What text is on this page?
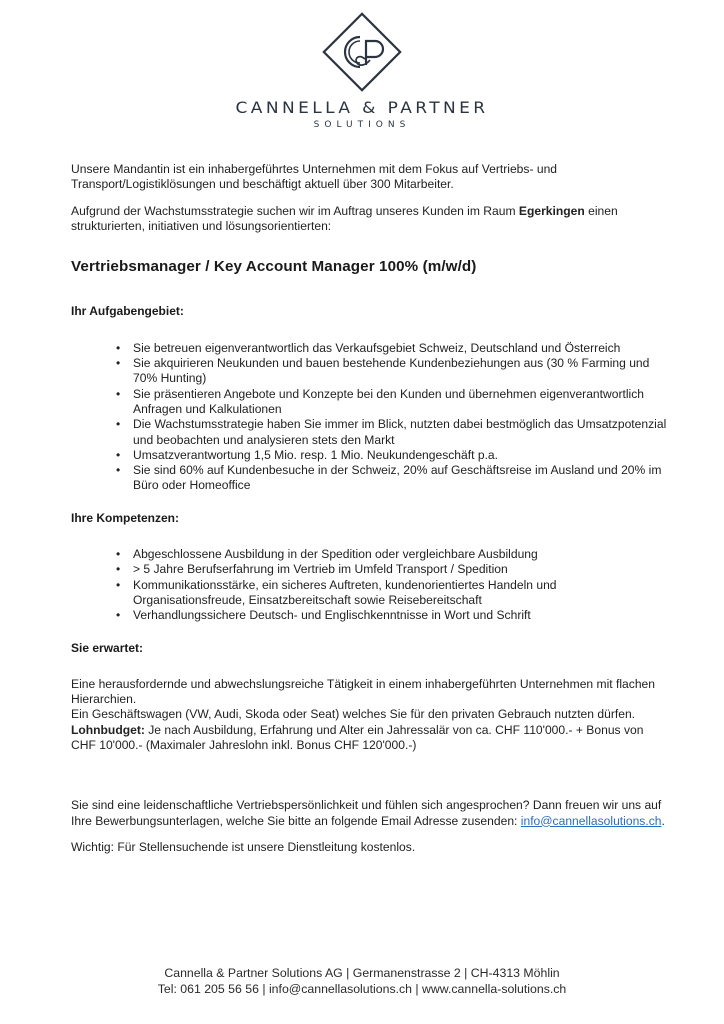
CANNELLA & PARTNER
SOLUTIONS

Unsere Mandantin ist ein inhabergeführtes Unternehmen mit dem Fokus auf Vertriebs- und Transport/Logistiklösungen und beschäftigt aktuell über 300 Mitarbeiter.

Aufgrund der Wachstumsstrategie suchen wir im Auftrag unseres Kunden im Raum Egerkingen einen strukturierten, initiativen und lösungsorientierten:

Vertriebsmanager / Key Account Manager 100% (m/w/d)
Ihr Aufgabengebiet:
• Sie betreuen eigenverantwortlich das Verkaufsgebiet Schweiz, Deutschland und Österreich
• Sie akquirieren Neukunden und bauen bestehende Kundenbeziehungen aus (30 % Farming und 70% Hunting)
• Sie präsentieren Angebote und Konzepte bei den Kunden und übernehmen eigenverantwortlich Anfragen und Kalkulationen
• Die Wachstumsstrategie haben Sie immer im Blick, nutzten dabei bestmöglich das Umsatzpotenzial und beobachten und analysieren stets den Markt
• Umsatzverantwortung 1,5 Mio. resp. 1 Mio. Neukundengeschäft p.a.
• Sie sind 60% auf Kundenbesuche in der Schweiz, 20% auf Geschäftsreise im Ausland und 20% im Büro oder Homeoffice
Ihre Kompetenzen:
• Abgeschlossene Ausbildung in der Spedition oder vergleichbare Ausbildung
• > 5 Jahre Berufserfahrung im Vertrieb im Umfeld Transport / Spedition
• Kommunikationsstärke, ein sicheres Auftreten, kundenorientiertes Handeln und Organisationsfreude, Einsatzbereitschaft sowie Reisebereitschaft
• Verhandlungssichere Deutsch- und Englischkenntnisse in Wort und Schrift
Sie erwartet:

Eine herausfordernde und abwechslungsreiche Tätigkeit in einem inhabergeführten Unternehmen mit flachen Hierarchien.

Ein Geschäftswagen (VW, Audi, Skoda oder Seat) welches Sie für den privaten Gebrauch nutzten dürfen. Lohnbudget: Je nach Ausbildung, Erfahrung und Alter ein Jahressalär von ca. CHF 110'000.- + Bonus von CHF 10'000.- (Maximaler Jahreslohn inkl. Bonus CHF 120'000.-)

Sie sind eine leidenschaftliche Vertriebspersönlichkeit und fühlen sich angesprochen? Dann freuen wir uns auf Ihre Bewerbungsunterlagen, welche Sie bitte an folgende Email Adresse zusenden: info@cannellasolutions.ch.

Wichtig: Für Stellensuchende ist unsere Dienstleitung kostenlos.

Cannella & Partner Solutions AG | Germanenstrasse 2 | CH-4313 Möhlin
Tel: 061 205 56 56 | info@cannellasolutions.ch | www.cannella-solutions.ch
